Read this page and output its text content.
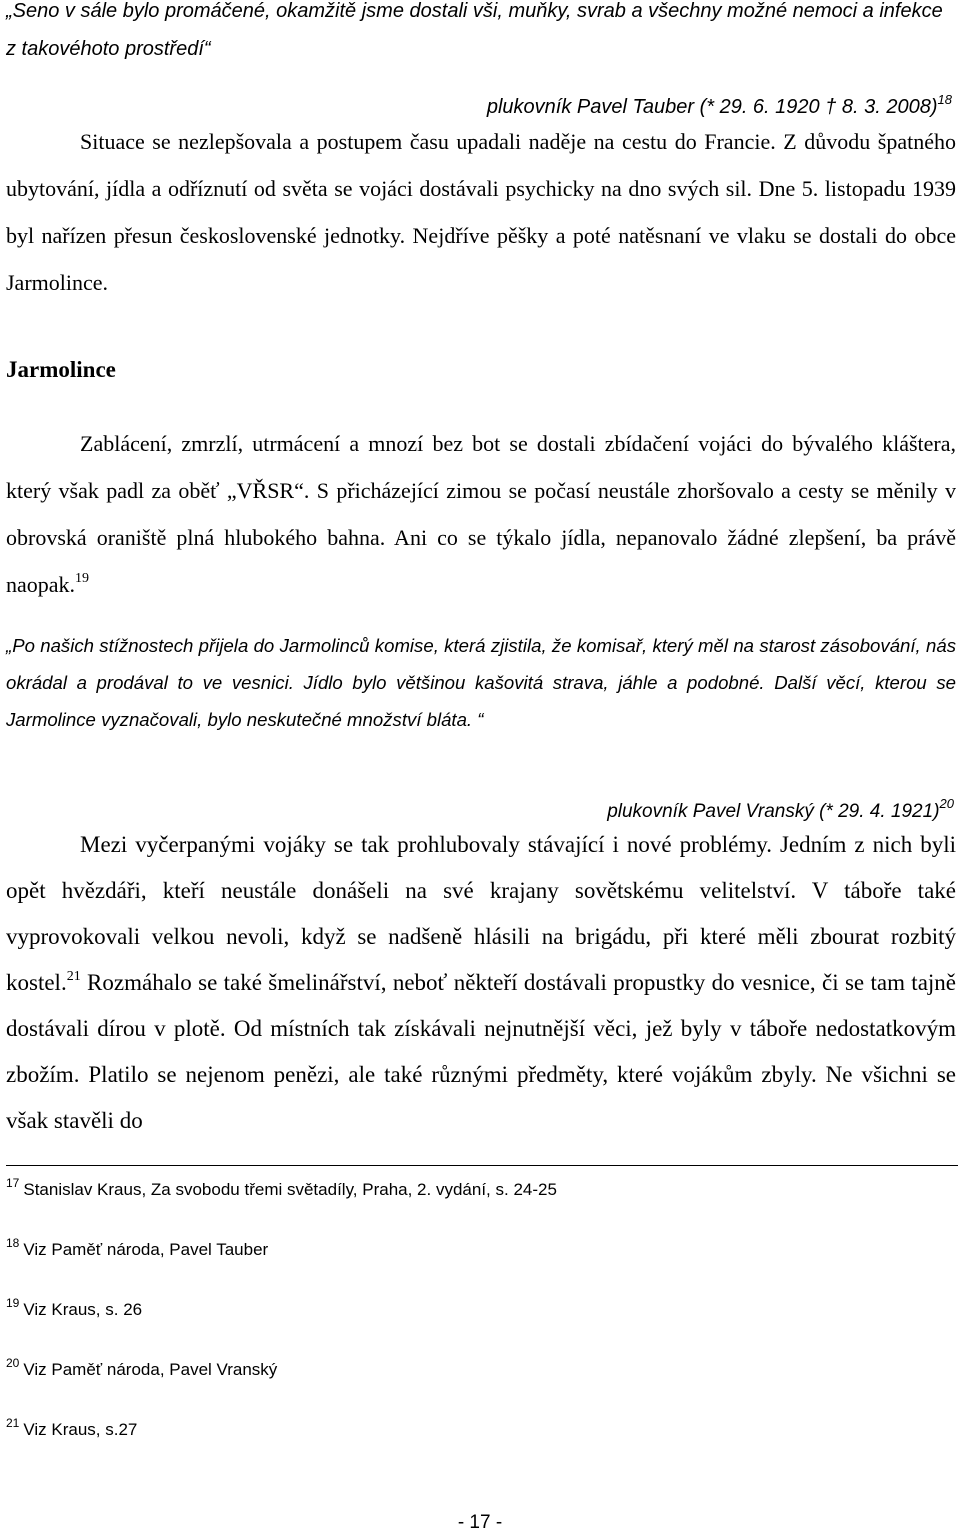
„Seno v sále bylo promáčené, okamžitě jsme dostali vši, muňky, svrab a všechny možné nemoci a infekce z takovéhoto prostředí“
plukovník Pavel Tauber (* 29. 6. 1920 † 8. 3. 2008)$^{18}$
Situace se nezlepšovala a postupem času upadali naděje na cestu do Francie. Z důvodu špatného ubytování, jídla a odříznutí od světa se vojáci dostávali psychicky na dno svých sil. Dne 5. listopadu 1939 byl nařízen přesun československé jednotky. Nejdříve pěšky a poté natěsnaní ve vlaku se dostali do obce Jarmolince.
Jarmolince
Zablácení, zmrzlí, utrmácení a mnozí bez bot se dostali zbídačení vojáci do bývalého kláštera, který však padl za oběť „VŘSR“. S přicházející zimou se počasí neustále zhoršovalo a cesty se měnily v obrovská oraniště plná hlubokého bahna. Ani co se týkalo jídla, nepanovalo žádné zlepšení, ba právě naopak.$^{19}$
„Po našich stížnostech přijela do Jarmolinců komise, která zjistila, že komisař, který měl na starost zásobování, nás okrádal a prodával to ve vesnici. Jídlo bylo většinou kašovitá strava, jáhle a podobné. Další věcí, kterou se Jarmolince vyznačovali, bylo neskutečné množství bláta. “
plukovník Pavel Vranský (* 29. 4. 1921)$^{20}$
Mezi vyčerpanými vojáky se tak prohlubovaly stávající i nové problémy. Jedním z nich byli opět hvězdáři, kteří neustále donášeli na své krajany sovětskému velitelství. V táboře také vyprovokovali velkou nevoli, když se nadšeně hlásili na brigádu, při které měli zbourat rozbitý kostel.$^{21}$ Rozmáhalo se také šmelinářství, neboť někteří dostávali propustky do vesnice, či se tam tajně dostávali dírou v plotě. Od místních tak získávali nejnutnější věci, jež byly v táboře nedostatkovým zbožím. Platilo se nejenom penězi, ale také různými předměty, které vojákům zbyly. Ne všichni se však stavěli do
$^{17}$ Stanislav Kraus, Za svobodu třemi světadíly, Praha, 2. vydání, s. 24-25
$^{18}$ Viz Paměť národa, Pavel Tauber
$^{19}$ Viz Kraus, s. 26
$^{20}$ Viz Paměť národa, Pavel Vranský
$^{21}$ Viz Kraus, s.27
- 17 -
